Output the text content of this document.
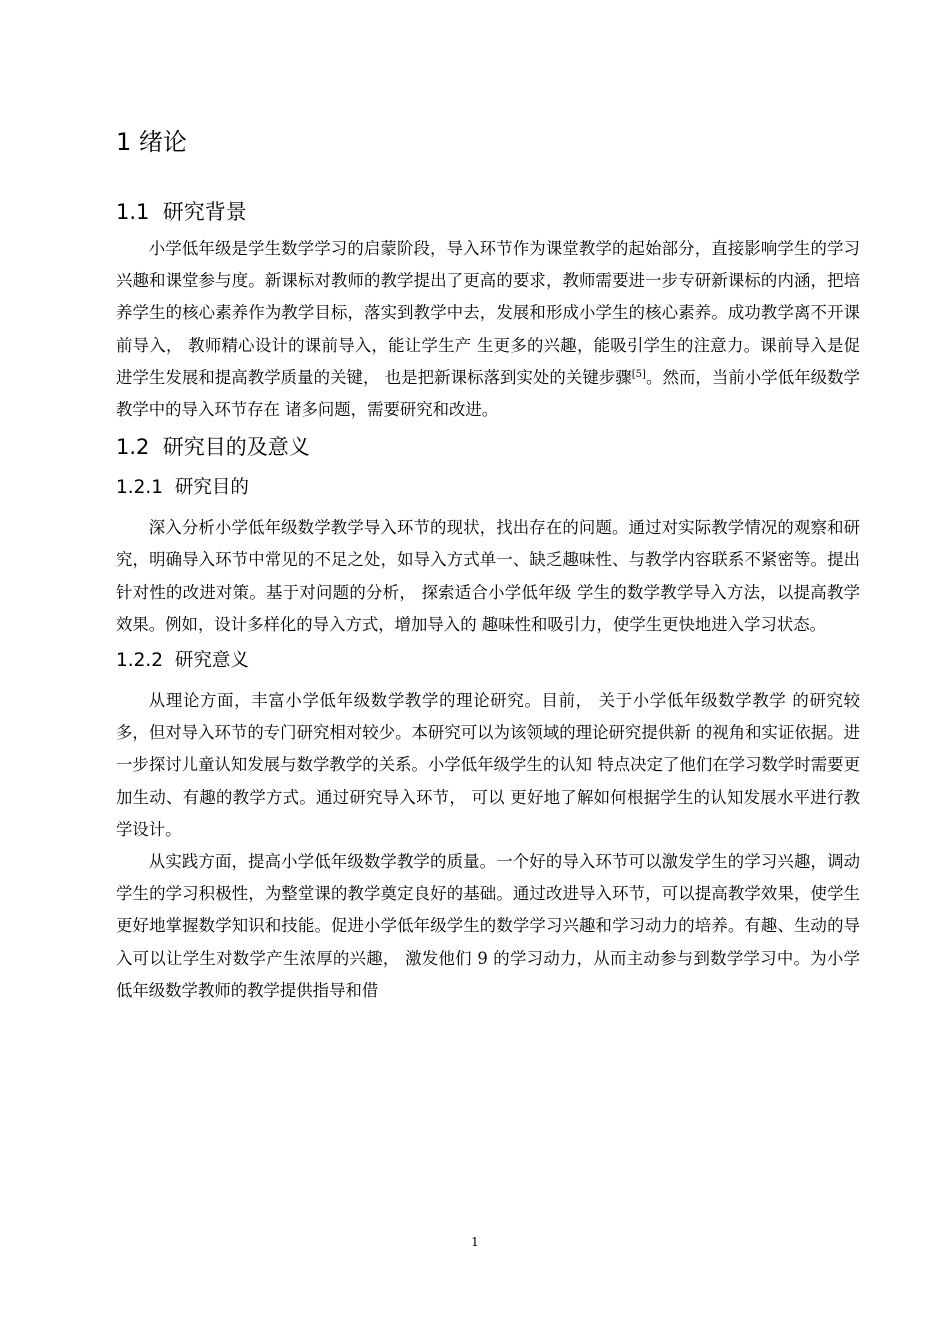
1 绪论
1.1  研究背景

小学低年级是学生数学学习的启蒙阶段，导入环节作为课堂教学的起始部分，直接影响学生的学习兴趣和课堂参与度。新课标对教师的教学提出了更高的要求，教师需要进一步专研新课标的内涵，把培养学生的核心素养作为教学目标，落实到教学中去，发展和形成小学生的核心素养。成功教学离不开课前导入， 教师精心设计的课前导入，能让学生产 生更多的兴趣，能吸引学生的注意力。课前导入是促进学生发展和提高教学质量的关键， 也是把新课标落到实处的关键步骤[5]。然而，当前小学低年级数学教学中的导入环节存在 诸多问题，需要研究和改进。

1.2  研究目的及意义
1.2.1  研究目的

深入分析小学低年级数学教学导入环节的现状，找出存在的问题。通过对实际教学情况的观察和研究，明确导入环节中常见的不足之处，如导入方式单一、缺乏趣味性、与教学内容联系不紧密等。提出针对性的改进对策。基于对问题的分析， 探索适合小学低年级 学生的数学教学导入方法，以提高教学效果。例如，设计多样化的导入方式，增加导入的 趣味性和吸引力，使学生更快地进入学习状态。

1.2.2  研究意义

从理论方面，丰富小学低年级数学教学的理论研究。目前， 关于小学低年级数学教学 的研究较多，但对导入环节的专门研究相对较少。本研究可以为该领域的理论研究提供新 的视角和实证依据。进一步探讨儿童认知发展与数学教学的关系。小学低年级学生的认知 特点决定了他们在学习数学时需要更加生动、有趣的教学方式。通过研究导入环节， 可以 更好地了解如何根据学生的认知发展水平进行教学设计。

从实践方面，提高小学低年级数学教学的质量。一个好的导入环节可以激发学生的学习兴趣，调动学生的学习积极性，为整堂课的教学奠定良好的基础。通过改进导入环节，可以提高教学效果，使学生更好地掌握数学知识和技能。促进小学低年级学生的数学学习兴趣和学习动力的培养。有趣、生动的导入可以让学生对数学产生浓厚的兴趣， 激发他们 9 的学习动力，从而主动参与到数学学习中。为小学低年级数学教师的教学提供指导和借

1
